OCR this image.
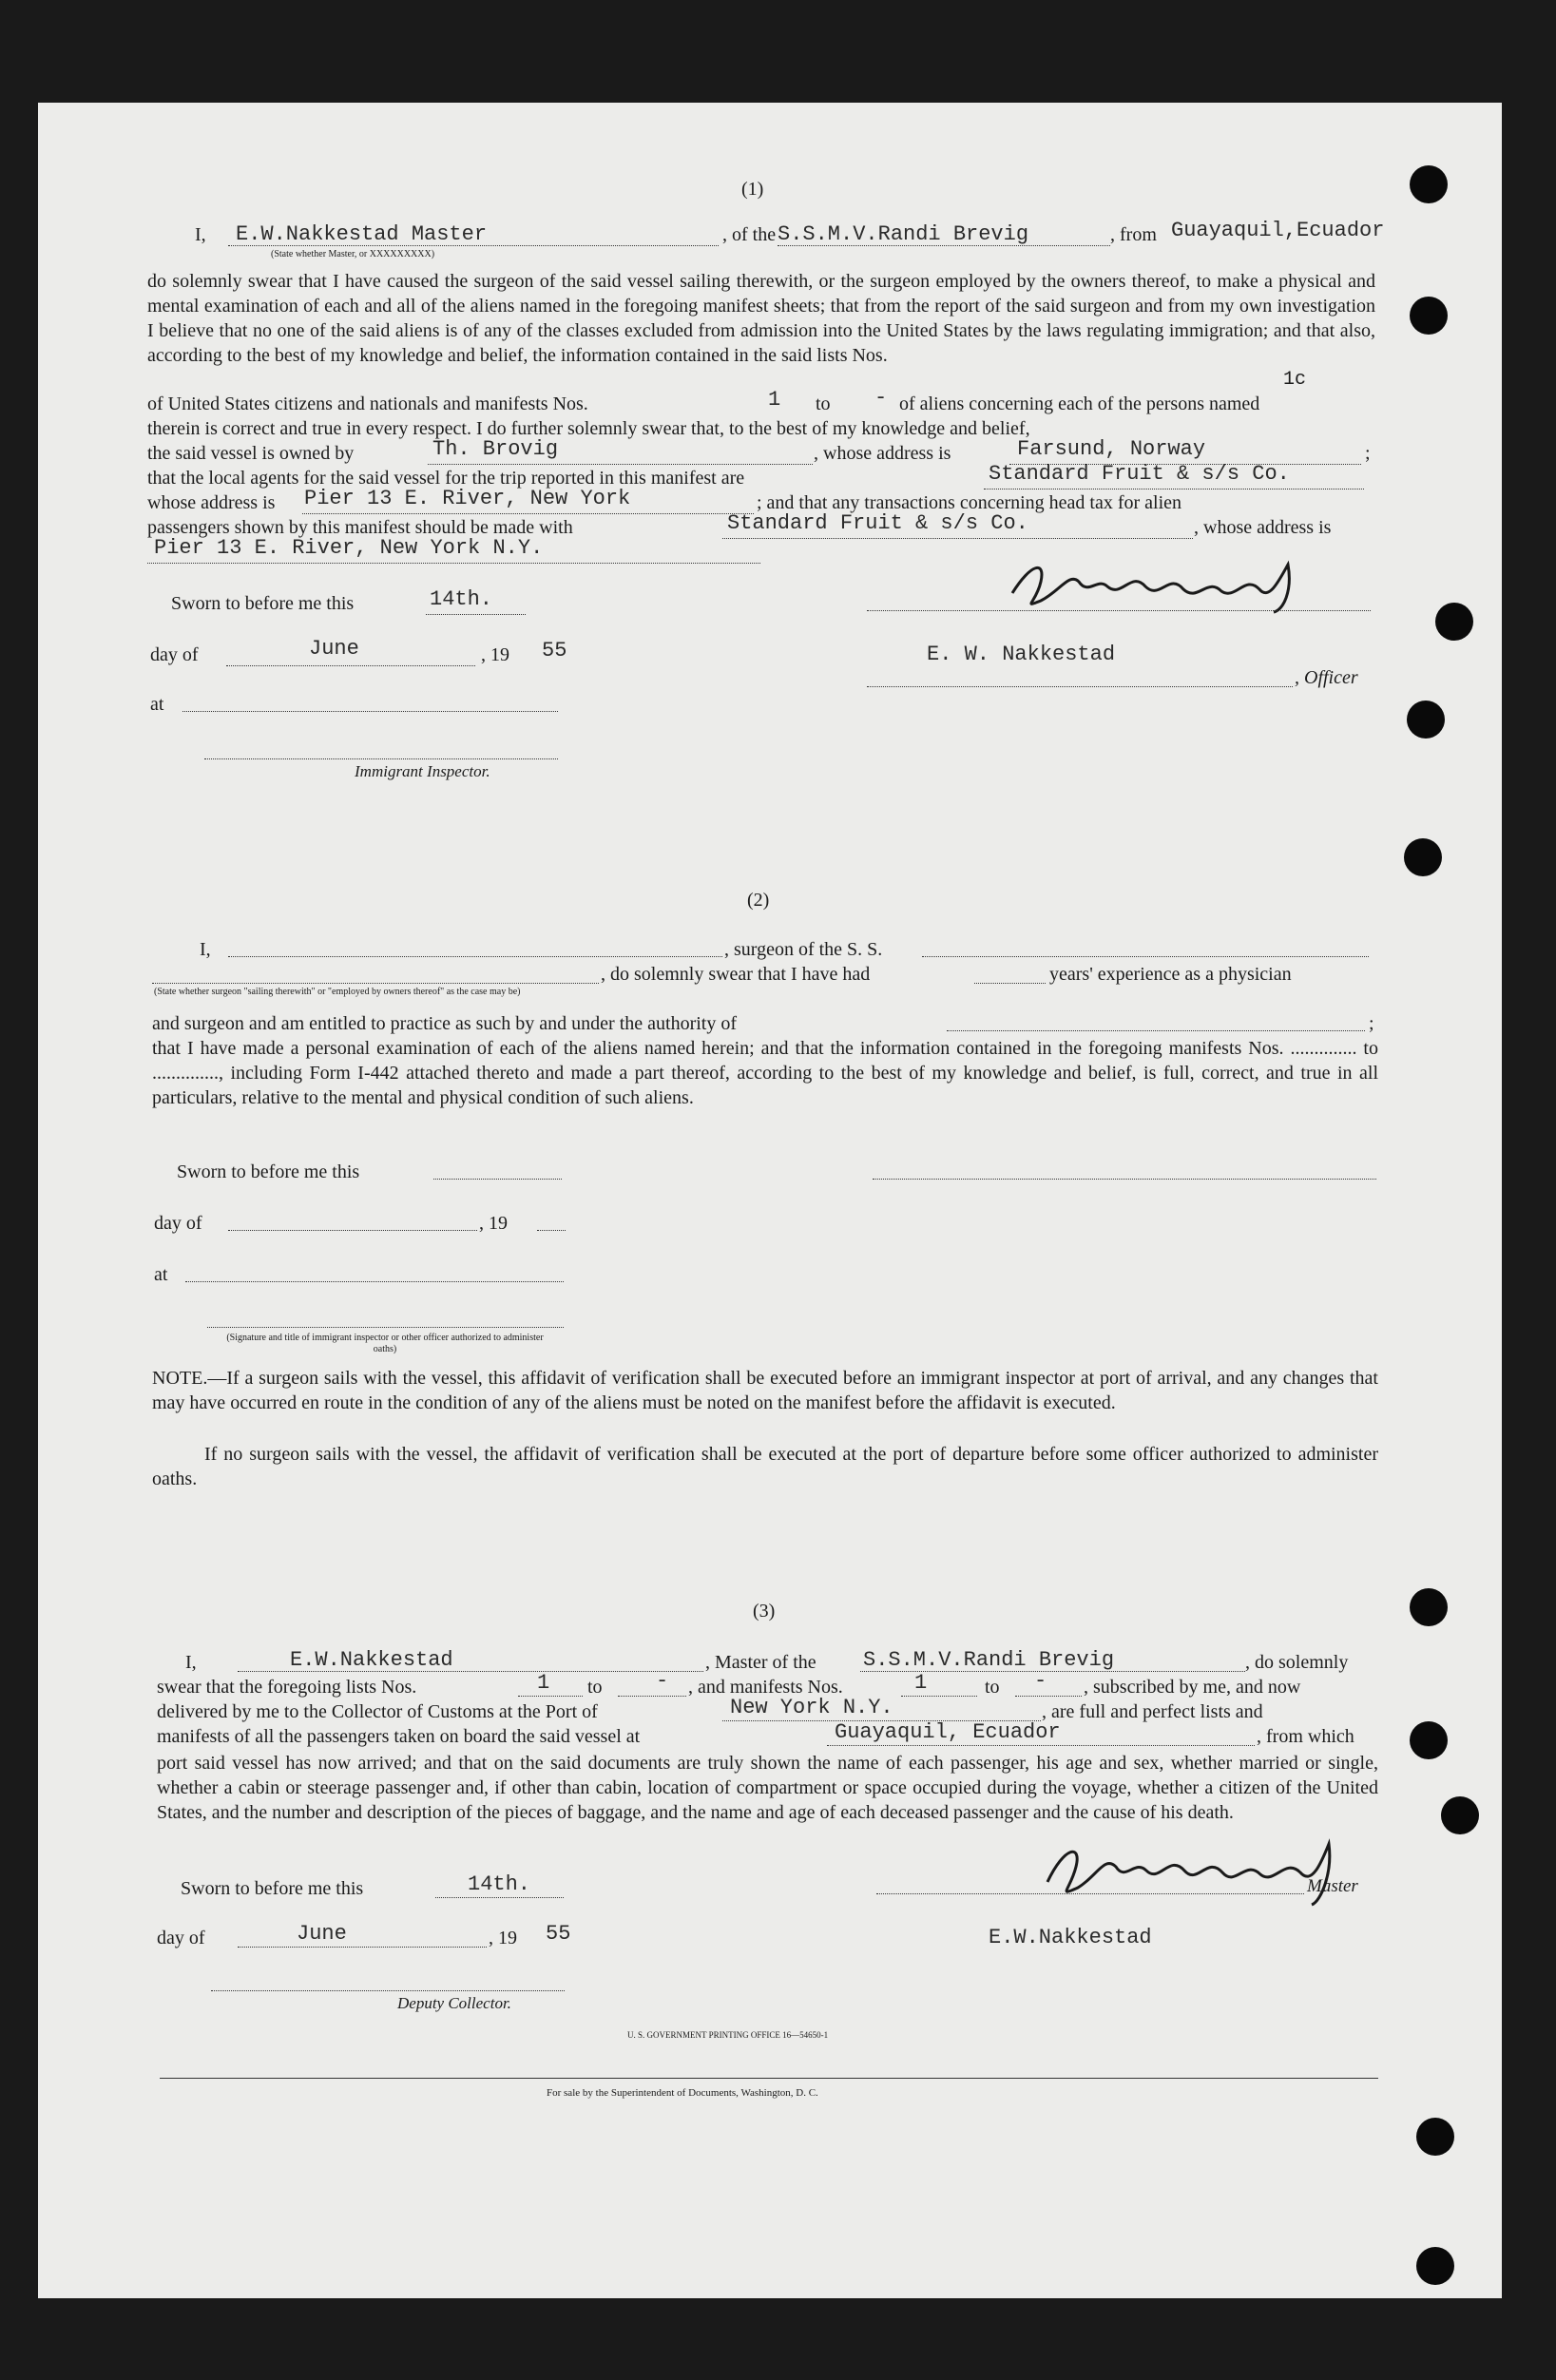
(1)
I, E.W.Nakkestad Master
(State whether Master, or XXXXXXXXX)
, of the S.S.M.V.Randi Brevig	, from Guayaquil,Ecuador
do solemnly swear that I have caused the surgeon of the said vessel sailing therewith, or the surgeon employed by the owners thereof, to make a physical and mental examination of each and all of the aliens named in the foregoing manifest sheets; that from the report of the said surgeon and from my own investigation I believe that no one of the said aliens is of any of the classes excluded from admission into the United States by the laws regulating immigration; and that also, according to the best of my knowledge and belief, the information contained in the said lists Nos.
1c
of United States citizens and nationals and manifests Nos.	1 to - of aliens concerning each of the persons named
therein is correct and true in every respect. I do further solemnly swear that, to the best of my knowledge and belief,
the said vessel is owned by	Th. Brovig	, whose address is	Farsund, Norway	;
that the local agents for the said vessel for the trip reported in this manifest are	Standard Fruit & s/s Co.
whose address is Pier 13 E. River, New York	; and that any transactions concerning head tax for alien
passengers shown by this manifest should be made with	Standard Fruit & s/s Co.	, whose address is
Pier 13 E. River, New York N.Y.
Sworn to before me this	14th.
day of	June	, 19 55
at
Immigrant Inspector.
E. W. Nakkestad
, Officer
(2)
I,	, surgeon of the S. S.
, do solemnly swear that I have had	years' experience as a physician
(State whether surgeon "sailing therewith" or "employed by owners thereof" as the case may be)
and surgeon and am entitled to practice as such by and under the authority of	;
that I have made a personal examination of each of the aliens named herein; and that the information contained in the foregoing manifests Nos. .............. to .............., including Form I-442 attached thereto and made a part thereof, according to the best of my knowledge and belief, is full, correct, and true in all particulars, relative to the mental and physical condition of such aliens.
Sworn to before me this
day of	, 19
at
(Signature and title of immigrant inspector or other officer authorized to administer oaths)
NOTE.—If a surgeon sails with the vessel, this affidavit of verification shall be executed before an immigrant inspector at port of arrival, and any changes that may have occurred en route in the condition of any of the aliens must be noted on the manifest before the affidavit is executed.
If no surgeon sails with the vessel, the affidavit of verification shall be executed at the port of departure before some officer authorized to administer oaths.
(3)
I,	E.W.Nakkestad	, Master of the S.S.M.V.Randi Brevig	, do solemnly
swear that the foregoing lists Nos.	1 to	- , and manifests Nos.	1	to - , subscribed by me, and now
delivered by me to the Collector of Customs at the Port of	New York N.Y.	, are full and perfect lists and
manifests of all the passengers taken on board the said vessel at	Guayaquil, Ecuador	, from which
port said vessel has now arrived; and that on the said documents are truly shown the name of each passenger, his age and sex, whether married or single, whether a cabin or steerage passenger and, if other than cabin, location of compartment or space occupied during the voyage, whether a citizen of the United States, and the number and description of the pieces of baggage, and the name and age of each deceased passenger and the cause of his death.
Sworn to before me this	14th.
day of	June	, 19 55
Master
E.W.Nakkestad
Deputy Collector.
U. S. GOVERNMENT PRINTING OFFICE 16—54650-1
For sale by the Superintendent of Documents, Washington, D. C.
